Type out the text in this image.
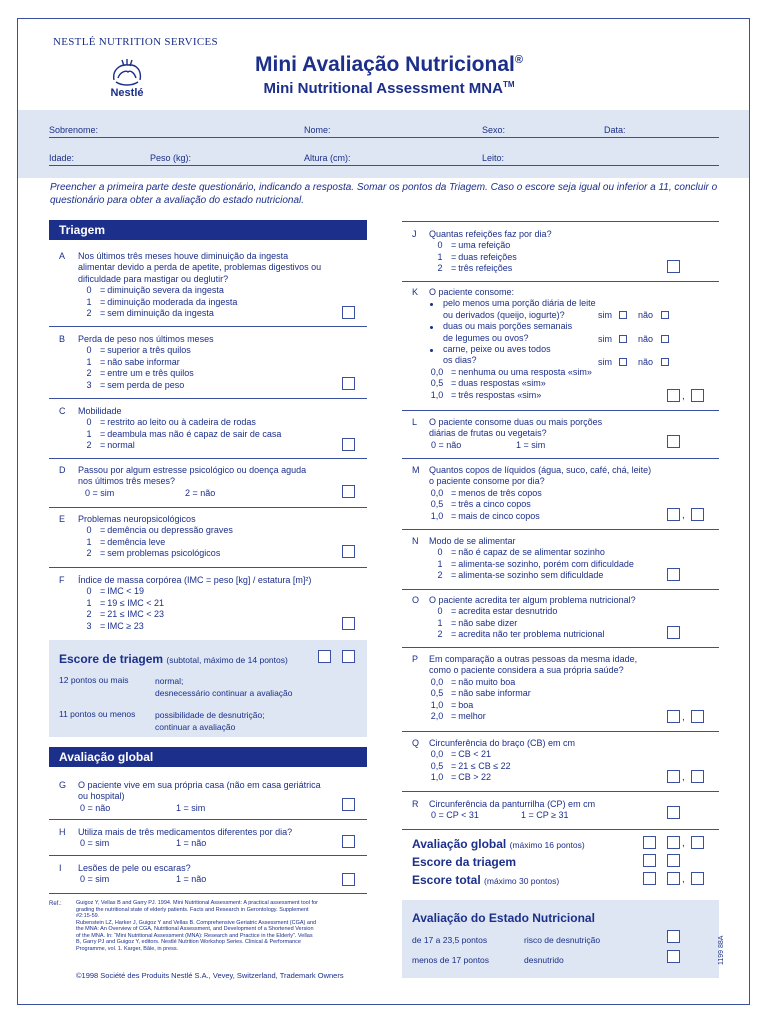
NESTLÉ NUTRITION SERVICES
Nestlé
Mini Avaliação Nutricional®
Mini Nutritional Assessment MNA™
Sobrenome:	Nome:	Sexo:	Data:
Idade:	Peso (kg):	Altura (cm):	Leito:
Preencher a primeira parte deste questionário, indicando a resposta. Somar os pontos da Triagem. Caso o escore seja igual ou inferior a 11, concluir o questionário para obter a avaliação do estado nutricional.
Triagem
A Nos últimos três meses houve diminuição da ingesta
alimentar devido a perda de apetite, problemas digestivos ou
dificuldade para mastigar ou deglutir?
0 = diminuição severa da ingesta
1 = diminuição moderada da ingesta
2 = sem diminuição da ingesta
B Perda de peso nos últimos meses
0 = superior a três quilos
1 = não sabe informar
2 = entre um e três quilos
3 = sem perda de peso
C Mobilidade
0 = restrito ao leito ou à cadeira de rodas
1 = deambula mas não é capaz de sair de casa
2 = normal
D Passou por algum estresse psicológico ou doença aguda
nos últimos três meses?
0 = sim	2 = não
E Problemas neuropsicológicos
0 = demência ou depressão graves
1 = demência leve
2 = sem problemas psicológicos
F Índice de massa corpórea (IMC = peso [kg] / estatura [m]²)
0 = IMC < 19
1 = 19 ≤ IMC < 21
2 = 21 ≤ IMC < 23
3 = IMC ≥ 23
Escore de triagem (subtotal, máximo de 14 pontos)
12 pontos ou mais	normal;
desnecessário continuar a avaliação
11 pontos ou menos possibilidade de desnutrição;
continuar a avaliação
Avaliação global
G O paciente vive em sua própria casa (não em casa geriátrica
ou hospital)
0 = não	1 = sim
H Utiliza mais de três medicamentos diferentes por dia?
0 = sim	1 = não
I Lesões de pele ou escaras?
0 = sim	1 = não
Ref.:	Guigoz Y, Vellas B and Garry PJ. 1994. Mini Nutritional Assessment: A practical assessment tool for
grading the nutritional state of elderly patients. Facts and Research in Gerontology. Supplement
#2:15-59.
Rubenstein LZ, Harker J, Guigoz Y and Vellas B. Comprehensive Geriatric Assessment (CGA) and
the MNA: An Overview of CGA, Nutritional Assessment, and Development of a Shortened Version
of the MNA. In: “Mini Nutritional Assessment (MNA): Research and Practice in the Elderly”. Vellas
B, Garry PJ and Guigoz Y, editors. Nestlé Nutrition Workshop Series. Clinical & Performance
Programme, vol. 1. Karger, Bâle, in press.
©1998 Société des Produits Nestlé S.A., Vevey, Switzerland, Trademark Owners
J Quantas refeições faz por dia?
0 = uma refeição
1 = duas refeições
2 = três refeições
K O paciente consome:
pelo menos uma porção diária de leite
ou derivados (queijo, iogurte)?
duas ou mais porções semanais
de legumes ou ovos?
carne, peixe ou aves todos
os dias?
0,0 = nenhuma ou uma resposta «sim»
0,5 = duas respostas «sim»
1,0 = três respostas «sim»
sim	não
sim	não
sim	não
,
L O paciente consome duas ou mais porções
diárias de frutas ou vegetais?
0 = não	1 = sim
M Quantos copos de líquidos (água, suco, café, chá, leite)
o paciente consome por dia?
0,0 = menos de três copos
0,5 = três a cinco copos
1,0 = mais de cinco copos	,
N Modo de se alimentar
0 = não é capaz de se alimentar sozinho
1 = alimenta-se sozinho, porém com dificuldade
2 = alimenta-se sozinho sem dificuldade
O O paciente acredita ter algum problema nutricional?
0 = acredita estar desnutrido
1 = não sabe dizer
2 = acredita não ter problema nutricional
P Em comparação a outras pessoas da mesma idade,
como o paciente considera a sua própria saúde?
0,0 = não muito boa
0,5 = não sabe informar
1,0 = boa
2,0 = melhor	,
Q Circunferência do braço (CB) em cm
0,0 = CB < 21
0,5 = 21 ≤ CB ≤ 22
1,0 = CB > 22	,
R Circunferência da panturrilha (CP) em cm
0 = CP < 31	1 = CP ≥ 31
Avaliação global (máximo 16 pontos)	,
Escore da triagem
Escore total (máximo 30 pontos)	,
Avaliação do Estado Nutricional
de 17 a 23,5 pontos	risco de desnutrição
menos de 17 pontos	desnutrido	1199 88A
